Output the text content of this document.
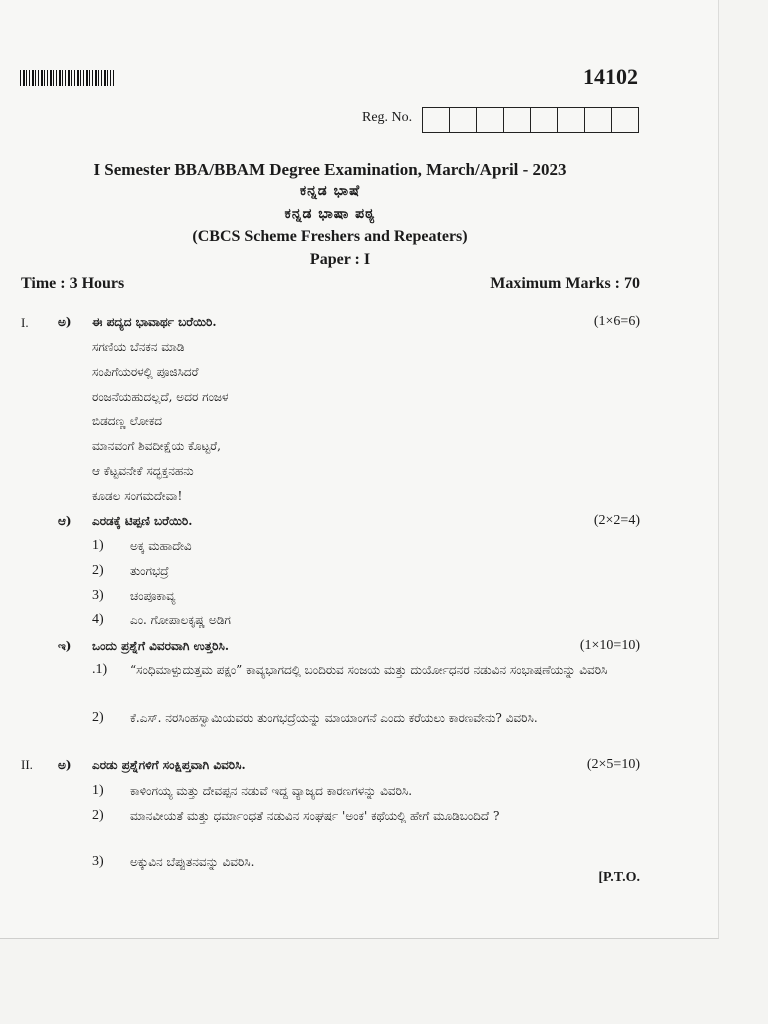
14102
Reg. No.
I Semester BBA/BBAM Degree Examination, March/April - 2023
ಕನ್ನಡ ಭಾಷೆ
ಕನ್ನಡ ಭಾಷಾ ಪಠ್ಯ
(CBCS Scheme Freshers and Repeaters)
Paper : I
Time : 3 Hours	Maximum Marks : 70
I. ಅ) ಈ ಪದ್ಯದ ಭಾವಾರ್ಥ ಬರೆಯಿರಿ.	(1×6=6)
ಸಗಣಿಯ ಬೆನಕನ ಮಾಡಿ
ಸಂಪಿಗೆಯರಳಲ್ಲಿ ಪೂಜಿಸಿದರೆ
ರಂಜನೆಯಹುದಲ್ಲದೆ, ಅದರ ಗಂಜಳ
ಬಿಡದಣ್ಣ ಲೋಕದ
ಮಾನವಂಗೆ ಶಿವದೀಕ್ಷೆಯ ಕೊಟ್ಟರೆ,
ಆ ಕೆಟ್ಟವನೇಕೆ ಸದ್ಭಕ್ತನಹನು
ಕೂಡಲ ಸಂಗಮದೇವಾ!
ಆ) ಎರಡಕ್ಕೆ ಟಿಪ್ಪಣಿ ಬರೆಯಿರಿ.	(2×2=4)
1) ಅಕ್ಕ ಮಹಾದೇವಿ
2) ತುಂಗಭದ್ರೆ
3) ಚಂಪೂಕಾವ್ಯ
4) ಎಂ. ಗೋಪಾಲಕೃಷ್ಣ ಅಡಿಗ
ಇ) ಒಂದು ಪ್ರಶ್ನೆಗೆ ವಿವರವಾಗಿ ಉತ್ತರಿಸಿ.	(1×10=10)
.1) “ಸಂಧಿಮಾಳ್ಪುದುತ್ತಮ ಪಕ್ಷಂ” ಕಾವ್ಯಭಾಗದಲ್ಲಿ ಬಂದಿರುವ ಸಂಜಯ ಮತ್ತು ದುರ್ಯೋಧನರ ನಡುವಿನ ಸಂಭಾಷಣೆಯನ್ನು ವಿವರಿಸಿ
2) ಕೆ.ಎಸ್. ನರಸಿಂಹಸ್ವಾಮಿಯವರು ತುಂಗಭದ್ರೆಯನ್ನು ಮಾಯಾಂಗನೆ ಎಂದು ಕರೆಯಲು ಕಾರಣವೇನು? ವಿವರಿಸಿ.
II. ಅ) ಎರಡು ಪ್ರಶ್ನೆಗಳಿಗೆ ಸಂಕ್ಷಿಪ್ತವಾಗಿ ವಿವರಿಸಿ.	(2×5=10)
1) ಕಾಳಿಂಗಯ್ಯ ಮತ್ತು ದೇವಪ್ಪನ ನಡುವೆ ಇದ್ದ ವ್ಯಾಜ್ಯದ ಕಾರಣಗಳನ್ನು ವಿವರಿಸಿ.
2) ಮಾನವೀಯತೆ ಮತ್ತು ಧರ್ಮಾಂಧತೆ ನಡುವಿನ ಸಂಘರ್ಷ 'ಅಂಕ' ಕಥೆಯಲ್ಲಿ ಹೇಗೆ ಮೂಡಿಬಂದಿದೆ ?
3) ಅಕ್ಕುವಿನ ಬೆಪ್ಪುತನವನ್ನು ವಿವರಿಸಿ.
[P.T.O.
